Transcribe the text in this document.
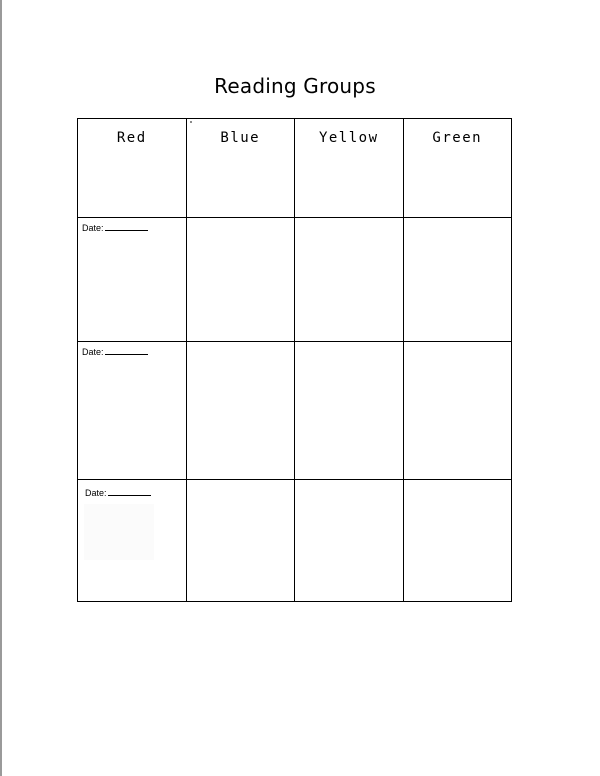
Reading Groups
Red	Blue	Yellow	Green

Date:			

Date:			

Date:			
